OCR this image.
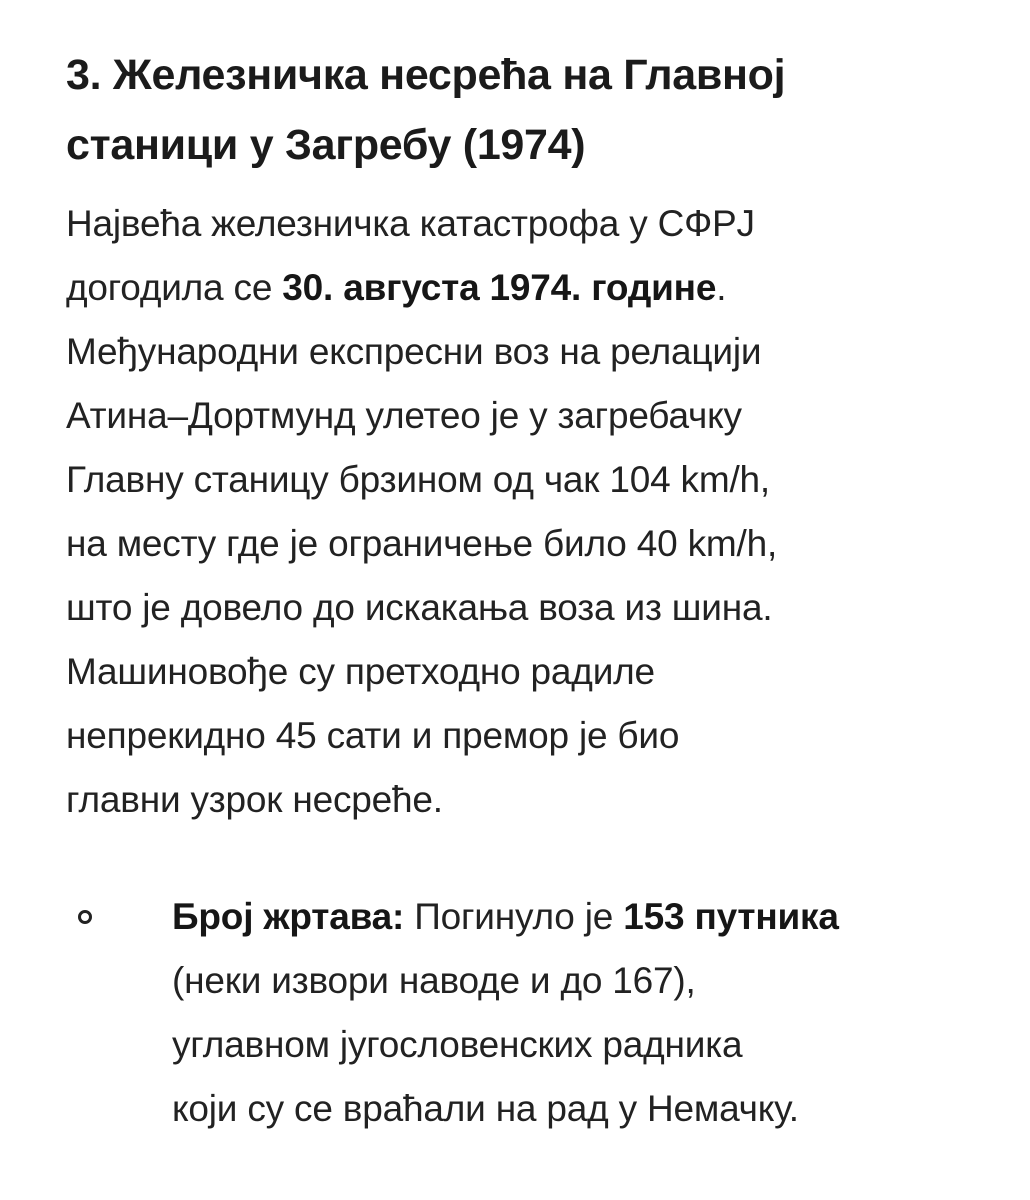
3. Железничка несрећа на Главној
станици у Загребу (1974)

Највећа железничка катастрофа у СФРЈ
догодила се 30. августа 1974. године.
Међународни експресни воз на релацији
Атина–Дортмунд улетео је у загребачку
Главну станицу брзином од чак 104 km/h,
на месту где је ограничење било 40 km/h,
што је довело до искакања воза из шина.
Машиновође су претходно радиле
непрекидно 45 сати и премор је био
главни узрок несреће.

Број жртава: Погинуло је 153 путника
(неки извори наводе и до 167),
углавном југословенских радника
који су се враћали на рад у Немачку.
